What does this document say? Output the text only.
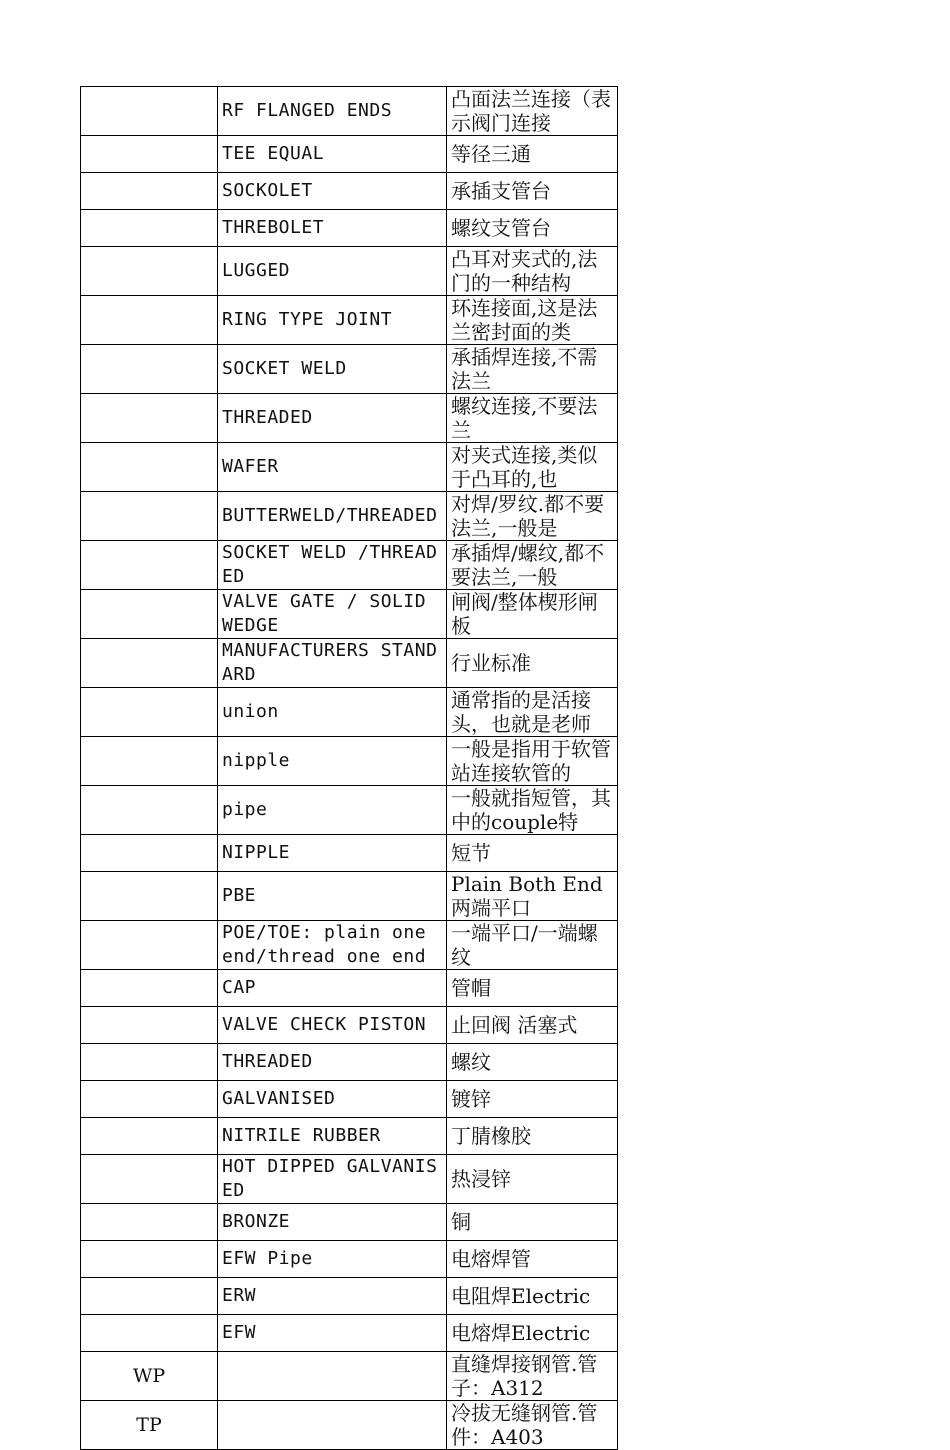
	RF FLANGED ENDS	凸面法兰连接（表示阀门连接

	TEE EQUAL	等径三通

	SOCKOLET	承插支管台

	THREBOLET	螺纹支管台

	LUGGED	凸耳对夹式的,法门的一种结构

	RING TYPE JOINT	环连接面,这是法兰密封面的类

	SOCKET WELD	承插焊连接,不需法兰

	THREADED	螺纹连接,不要法兰

	WAFER	对夹式连接,类似于凸耳的,也

	BUTTERWELD/THREADED	对焊/罗纹.都不要法兰,一般是

	SOCKET WELD /THREADED	承插焊/螺纹,都不要法兰,一般

	VALVE GATE / SOLID WEDGE	闸阀/整体楔形闸板

	MANUFACTURERS STANDARD	行业标准

	union	通常指的是活接头，也就是老师

	nipple	一般是指用于软管站连接软管的

	pipe	一般就指短管，其中的couple特

	NIPPLE	短节

	PBE	Plain Both End两端平口

	POE/TOE: plain one end/thread one end	一端平口/一端螺纹

	CAP	管帽

	VALVE CHECK PISTON	止回阀 活塞式

	THREADED	螺纹

	GALVANISED	镀锌

	NITRILE RUBBER	丁腈橡胶

	HOT DIPPED GALVANISED	热浸锌

	BRONZE	铜

	EFW Pipe	电熔焊管

	ERW	电阻焊Electric

	EFW	电熔焊Electric

WP		直缝焊接钢管.管子：A312

TP		冷拔无缝钢管.管件：A403
